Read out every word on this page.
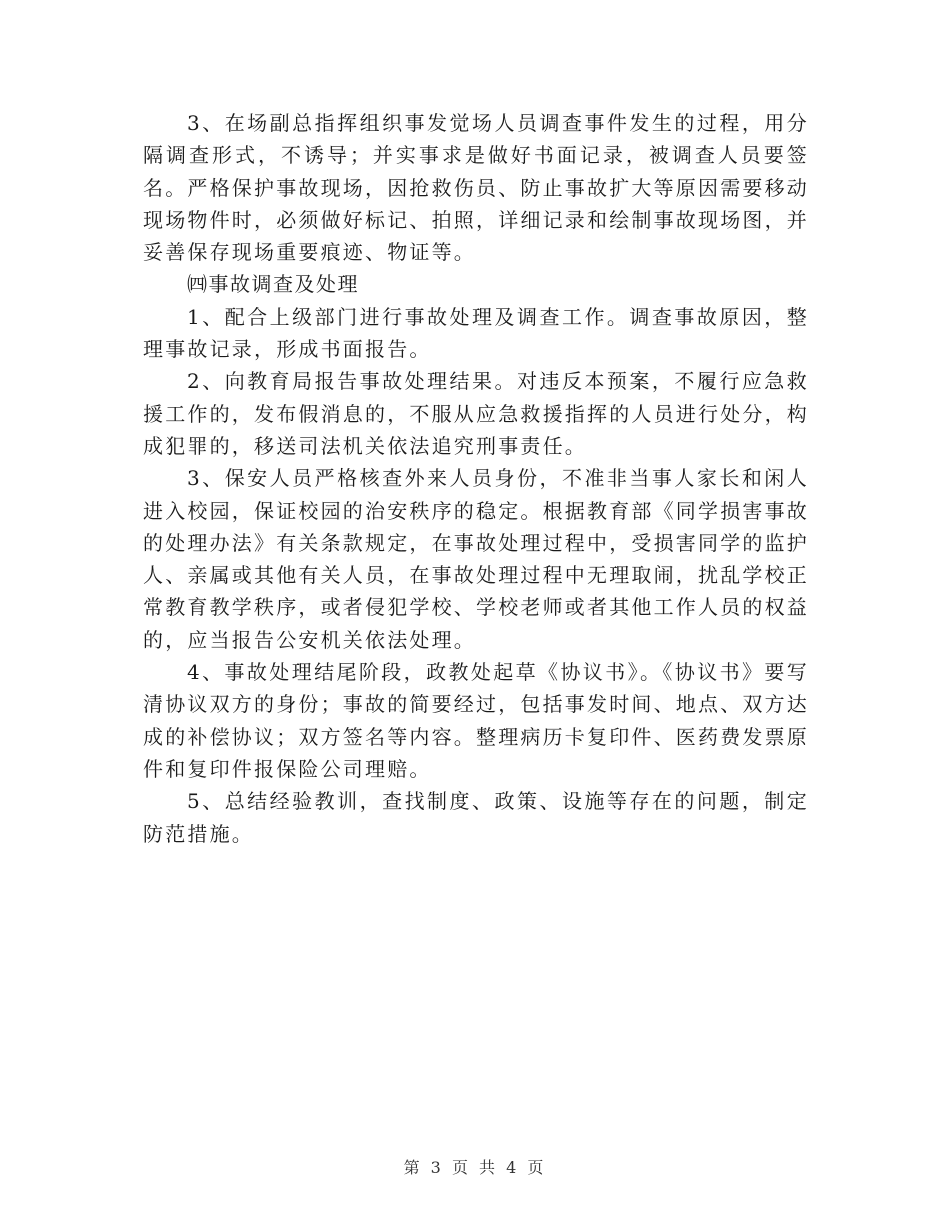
3、在场副总指挥组织事发觉场人员调查事件发生的过程，用分隔调查形式，不诱导；并实事求是做好书面记录，被调查人员要签名。严格保护事故现场，因抢救伤员、防止事故扩大等原因需要移动现场物件时，必须做好标记、拍照，详细记录和绘制事故现场图，并妥善保存现场重要痕迹、物证等。

㈣事故调查及处理

1、配合上级部门进行事故处理及调查工作。调查事故原因，整理事故记录，形成书面报告。

2、向教育局报告事故处理结果。对违反本预案，不履行应急救援工作的，发布假消息的，不服从应急救援指挥的人员进行处分，构成犯罪的，移送司法机关依法追究刑事责任。

3、保安人员严格核查外来人员身份，不准非当事人家长和闲人进入校园，保证校园的治安秩序的稳定。根据教育部《同学损害事故的处理办法》有关条款规定，在事故处理过程中，受损害同学的监护人、亲属或其他有关人员，在事故处理过程中无理取闹，扰乱学校正常教育教学秩序，或者侵犯学校、学校老师或者其他工作人员的权益的，应当报告公安机关依法处理。

4、事故处理结尾阶段，政教处起草《协议书》。《协议书》要写清协议双方的身份；事故的简要经过，包括事发时间、地点、双方达成的补偿协议；双方签名等内容。整理病历卡复印件、医药费发票原件和复印件报保险公司理赔。

5、总结经验教训，查找制度、政策、设施等存在的问题，制定防范措施。

第 3 页 共 4 页
